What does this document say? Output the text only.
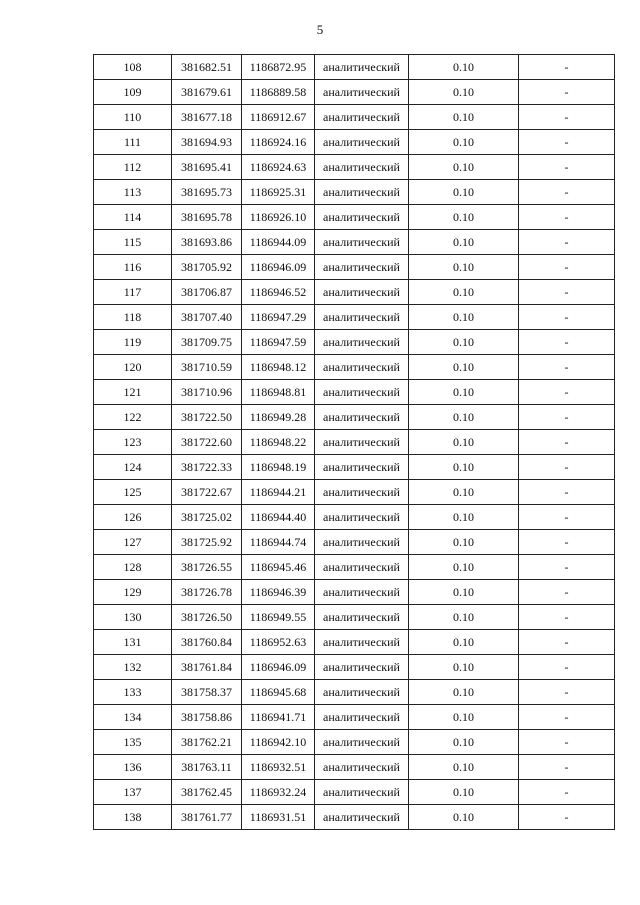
5
108	381682.51	1186872.95	аналитический	0.10	-
109	381679.61	1186889.58	аналитический	0.10	-
110	381677.18	1186912.67	аналитический	0.10	-
111	381694.93	1186924.16	аналитический	0.10	-
112	381695.41	1186924.63	аналитический	0.10	-
113	381695.73	1186925.31	аналитический	0.10	-
114	381695.78	1186926.10	аналитический	0.10	-
115	381693.86	1186944.09	аналитический	0.10	-
116	381705.92	1186946.09	аналитический	0.10	-
117	381706.87	1186946.52	аналитический	0.10	-
118	381707.40	1186947.29	аналитический	0.10	-
119	381709.75	1186947.59	аналитический	0.10	-
120	381710.59	1186948.12	аналитический	0.10	-
121	381710.96	1186948.81	аналитический	0.10	-
122	381722.50	1186949.28	аналитический	0.10	-
123	381722.60	1186948.22	аналитический	0.10	-
124	381722.33	1186948.19	аналитический	0.10	-
125	381722.67	1186944.21	аналитический	0.10	-
126	381725.02	1186944.40	аналитический	0.10	-
127	381725.92	1186944.74	аналитический	0.10	-
128	381726.55	1186945.46	аналитический	0.10	-
129	381726.78	1186946.39	аналитический	0.10	-
130	381726.50	1186949.55	аналитический	0.10	-
131	381760.84	1186952.63	аналитический	0.10	-
132	381761.84	1186946.09	аналитический	0.10	-
133	381758.37	1186945.68	аналитический	0.10	-
134	381758.86	1186941.71	аналитический	0.10	-
135	381762.21	1186942.10	аналитический	0.10	-
136	381763.11	1186932.51	аналитический	0.10	-
137	381762.45	1186932.24	аналитический	0.10	-
138	381761.77	1186931.51	аналитический	0.10	-
